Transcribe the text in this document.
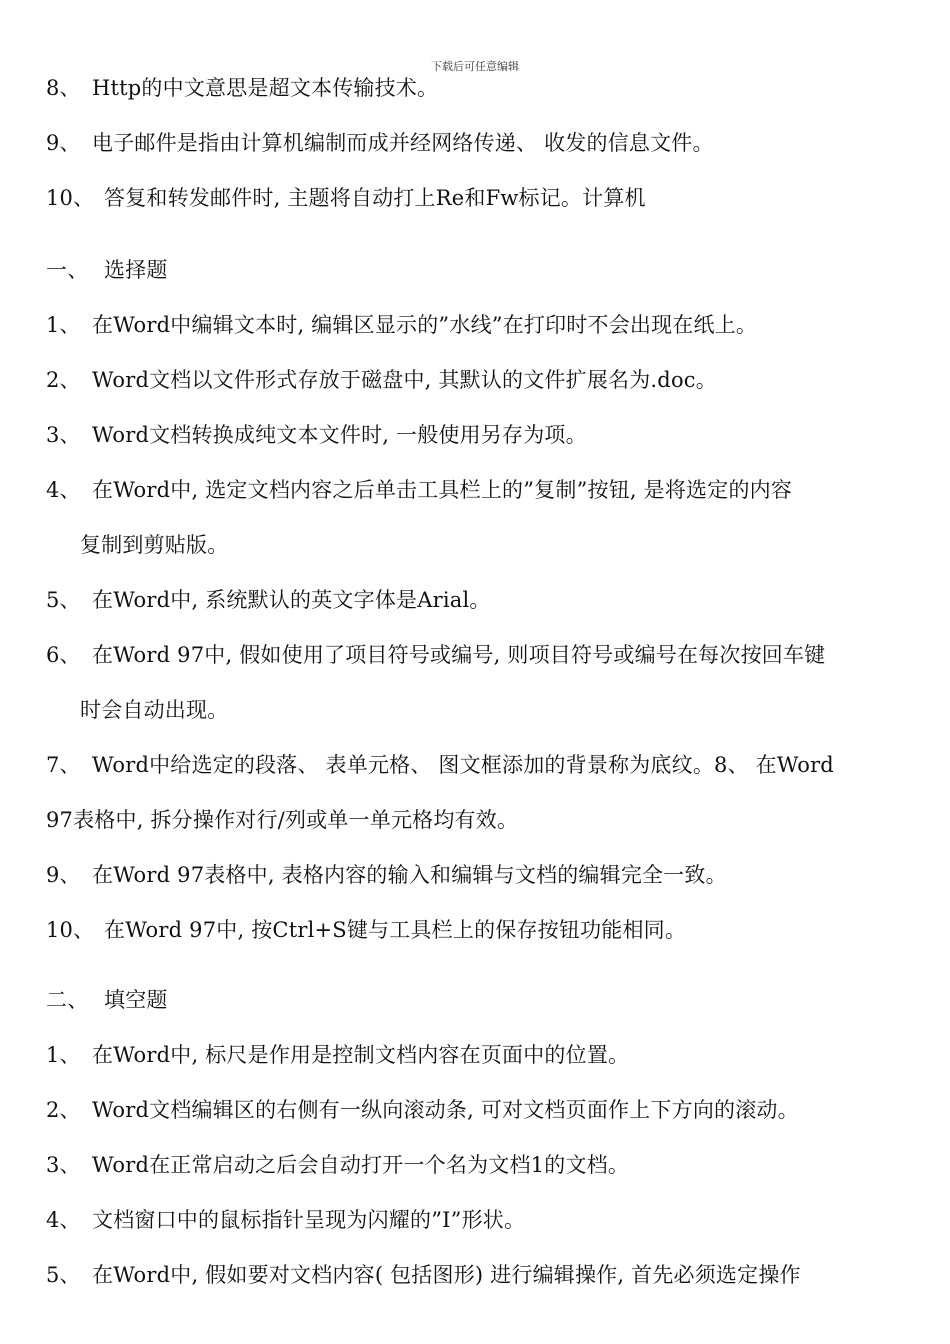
下载后可任意编辑
8、 Http的中文意思是超文本传输技术。
9、 电子邮件是指由计算机编制而成并经网络传递、 收发的信息文件。
10、 答复和转发邮件时, 主题将自动打上Re和Fw标记。计算机
一、 选择题
1、 在Word中编辑文本时, 编辑区显示的”水线”在打印时不会出现在纸上。
2、 Word文档以文件形式存放于磁盘中, 其默认的文件扩展名为.doc。
3、 Word文档转换成纯文本文件时, 一般使用另存为项。
4、 在Word中, 选定文档内容之后单击工具栏上的”复制”按钮, 是将选定的内容
复制到剪贴版。
5、 在Word中, 系统默认的英文字体是Arial。
6、 在Word 97中, 假如使用了项目符号或编号, 则项目符号或编号在每次按回车键
时会自动出现。
7、 Word中给选定的段落、 表单元格、 图文框添加的背景称为底纹。8、 在Word
97表格中, 拆分操作对行/列或单一单元格均有效。
9、 在Word 97表格中, 表格内容的输入和编辑与文档的编辑完全一致。
10、 在Word 97中, 按Ctrl+S键与工具栏上的保存按钮功能相同。
二、 填空题
1、 在Word中, 标尺是作用是控制文档内容在页面中的位置。
2、 Word文档编辑区的右侧有一纵向滚动条, 可对文档页面作上下方向的滚动。
3、 Word在正常启动之后会自动打开一个名为文档1的文档。
4、 文档窗口中的鼠标指针呈现为闪耀的”I”形状。
5、 在Word中, 假如要对文档内容( 包括图形) 进行编辑操作, 首先必须选定操作
